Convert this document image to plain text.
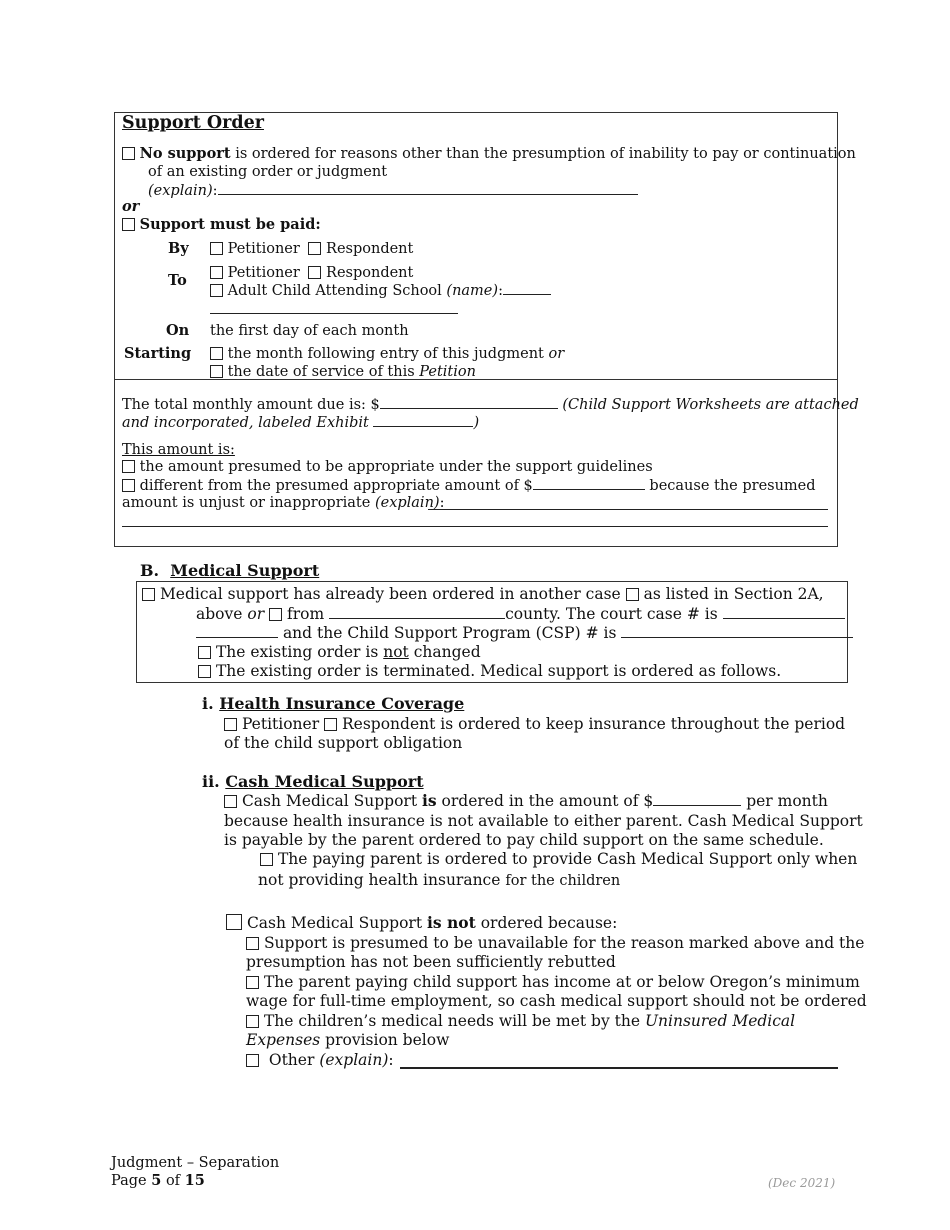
Support Order
No support is ordered for reasons other than the presumption of inability to pay or continuation
of an existing order or judgment
(explain):
or
Support must be paid:
By	Petitioner Respondent
To	Petitioner Respondent
Adult Child Attending School (name):
On the first day of each month
Starting	the month following entry of this judgment or
the date of service of this Petition
The total monthly amount due is: $	(Child Support Worksheets are attached
and incorporated, labeled Exhibit	)
This amount is:
the amount presumed to be appropriate under the support guidelines
different from the presumed appropriate amount of $	because the presumed
amount is unjust or inappropriate (explain):
B. Medical Support
Medical support has already been ordered in another case as listed in Section 2A,
above or from	county. The court case # is
and the Child Support Program (CSP) # is
The existing order is not changed
The existing order is terminated. Medical support is ordered as follows.
i. Health Insurance Coverage
Petitioner Respondent is ordered to keep insurance throughout the period
of the child support obligation
ii. Cash Medical Support
Cash Medical Support is ordered in the amount of $	per month
because health insurance is not available to either parent. Cash Medical Support
is payable by the parent ordered to pay child support on the same schedule.
The paying parent is ordered to provide Cash Medical Support only when
not providing health insurance for the children
Cash Medical Support is not ordered because:
Support is presumed to be unavailable for the reason marked above and the
presumption has not been sufficiently rebutted
The parent paying child support has income at or below Oregon’s minimum
wage for full-time employment, so cash medical support should not be ordered
The children’s medical needs will be met by the Uninsured Medical
Expenses provision below
Other (explain):
Judgment – Separation
Page 5 of 15	(Dec 2021)
